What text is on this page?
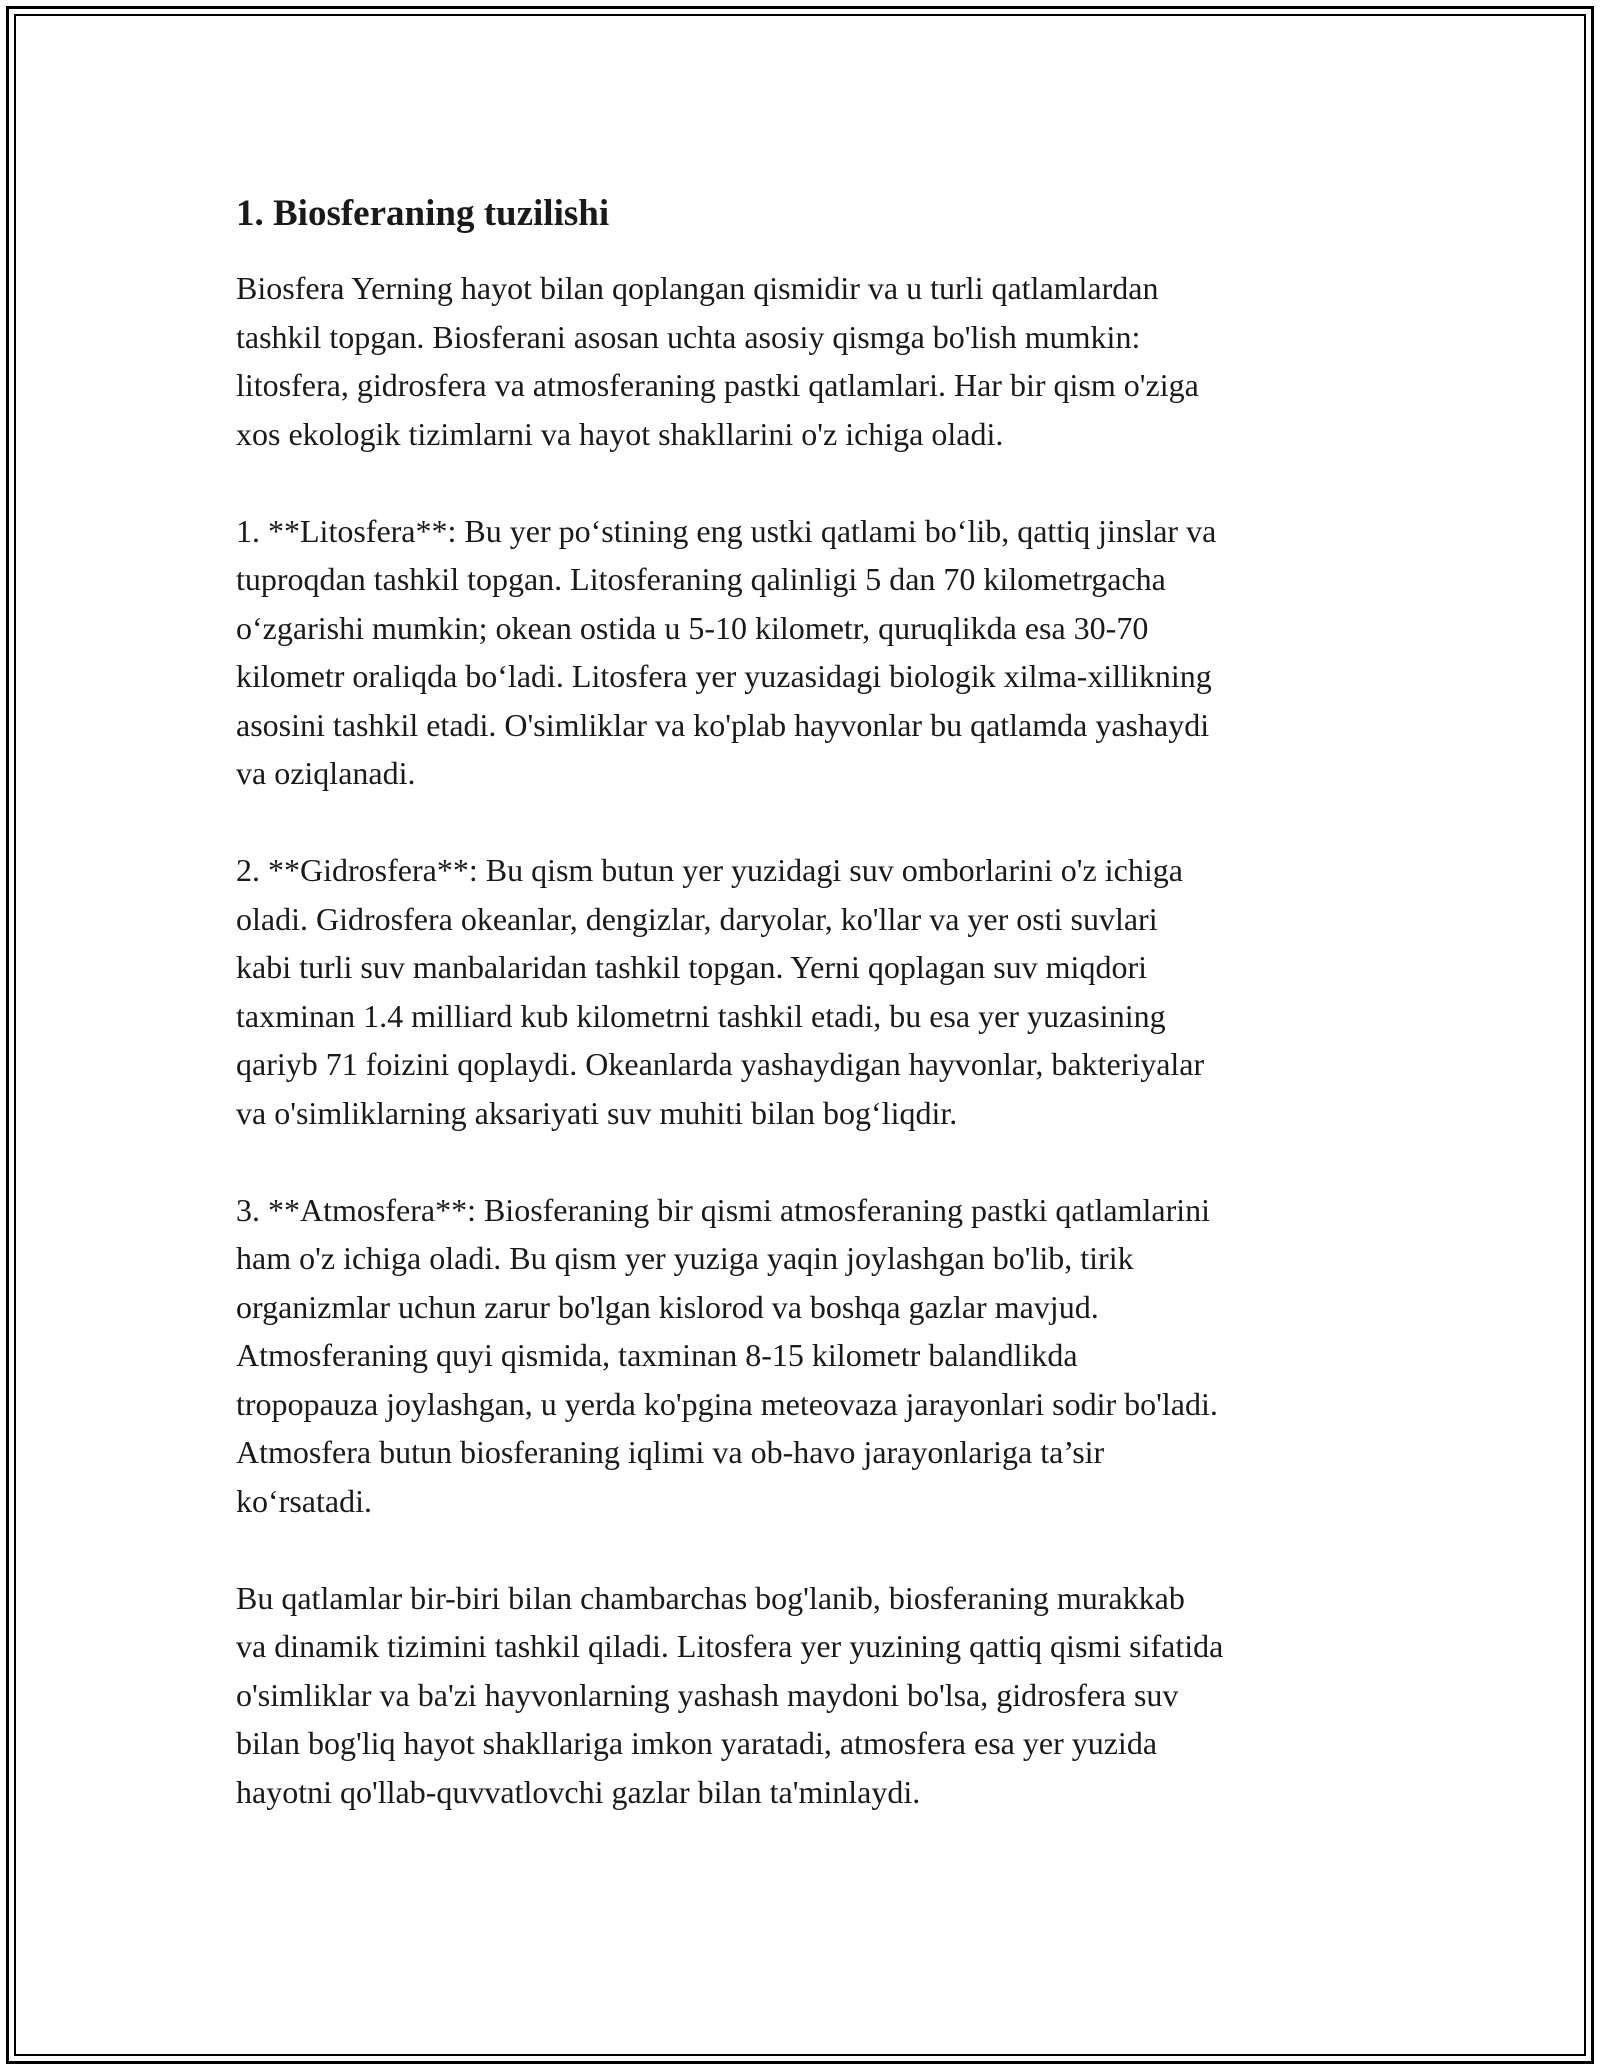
1. Biosferaning tuzilishi

Biosfera Yerning hayot bilan qoplangan qismidir va u turli qatlamlardan
tashkil topgan. Biosferani asosan uchta asosiy qismga bo'lish mumkin:
litosfera, gidrosfera va atmosferaning pastki qatlamlari. Har bir qism o'ziga
xos ekologik tizimlarni va hayot shakllarini o'z ichiga oladi.

1. **Litosfera**: Bu yer po‘stining eng ustki qatlami bo‘lib, qattiq jinslar va
tuproqdan tashkil topgan. Litosferaning qalinligi 5 dan 70 kilometrgacha
o‘zgarishi mumkin; okean ostida u 5-10 kilometr, quruqlikda esa 30-70
kilometr oraliqda bo‘ladi. Litosfera yer yuzasidagi biologik xilma-xillikning
asosini tashkil etadi. O'simliklar va ko'plab hayvonlar bu qatlamda yashaydi
va oziqlanadi.

2. **Gidrosfera**: Bu qism butun yer yuzidagi suv omborlarini o'z ichiga
oladi. Gidrosfera okeanlar, dengizlar, daryolar, ko'llar va yer osti suvlari
kabi turli suv manbalaridan tashkil topgan. Yerni qoplagan suv miqdori
taxminan 1.4 milliard kub kilometrni tashkil etadi, bu esa yer yuzasining
qariyb 71 foizini qoplaydi. Okeanlarda yashaydigan hayvonlar, bakteriyalar
va o'simliklarning aksariyati suv muhiti bilan bog‘liqdir.

3. **Atmosfera**: Biosferaning bir qismi atmosferaning pastki qatlamlarini
ham o'z ichiga oladi. Bu qism yer yuziga yaqin joylashgan bo'lib, tirik
organizmlar uchun zarur bo'lgan kislorod va boshqa gazlar mavjud.
Atmosferaning quyi qismida, taxminan 8-15 kilometr balandlikda
tropopauza joylashgan, u yerda ko'pgina meteovaza jarayonlari sodir bo'ladi.
Atmosfera butun biosferaning iqlimi va ob-havo jarayonlariga ta’sir
ko‘rsatadi.

Bu qatlamlar bir-biri bilan chambarchas bog'lanib, biosferaning murakkab
va dinamik tizimini tashkil qiladi. Litosfera yer yuzining qattiq qismi sifatida
o'simliklar va ba'zi hayvonlarning yashash maydoni bo'lsa, gidrosfera suv
bilan bog'liq hayot shakllariga imkon yaratadi, atmosfera esa yer yuzida
hayotni qo'llab-quvvatlovchi gazlar bilan ta'minlaydi.
